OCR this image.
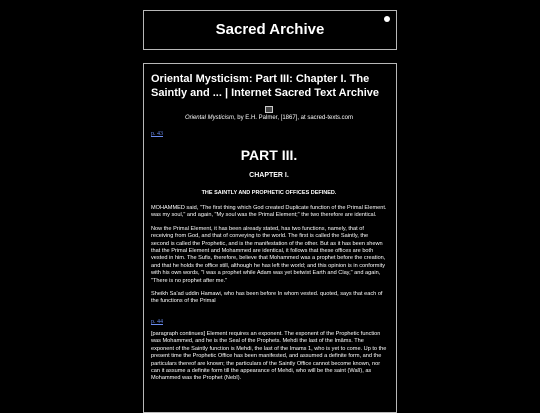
Sacred Archive
Oriental Mysticism: Part III: Chapter I. The Saintly and ... | Internet Sacred Text Archive
Oriental Mysticism, by E.H. Palmer, [1867], at sacred-texts.com
p. 43
PART III.
CHAPTER I.
THE SAINTLY AND PROPHETIC OFFICES DEFINED.

MOHAMMED said, "The first thing which God created Duplicate function of the Primal Element. was my soul," and again, "My soul was the Primal Element;" the two therefore are identical.

Now the Primal Element, it has been already stated, has two functions, namely, that of receiving from God, and that of conveying to the world. The first is called the Saintly, the second is called the Prophetic, and is the manifestation of the other. But as it has been shewn that the Primal Element and Mohammed are identical, it follows that these offices are both vested in him. The Sufis, therefore, believe that Mohammed was a prophet before the creation, and that he holds the office still, although he has left the world; and this opinion is in conformity with his own words, "I was a prophet while Adam was yet betwixt Earth and Clay," and again, "There is no prophet after me."

Sheikh Sa'ad uddin Hamawi, who has been before In whom vested. quoted, says that each of the functions of the Primal

p. 44

[paragraph continues] Element requires an exponent. The exponent of the Prophetic function was Mohammed, and he is the Seal of the Prophets. Mehdi the last of the Imâms. The exponent of the Saintly function is Mehdi, the last of the Imams 1, who is yet to come. Up to the present time the Prophetic Office has been manifested, and assumed a definite form, and the particulars thereof are known; the particulars of the Saintly Office cannot become known, nor can it assume a definite form till the appearance of Mehdi, who will be the saint (Walî), as Mohammed was the Prophet (Nebî).
